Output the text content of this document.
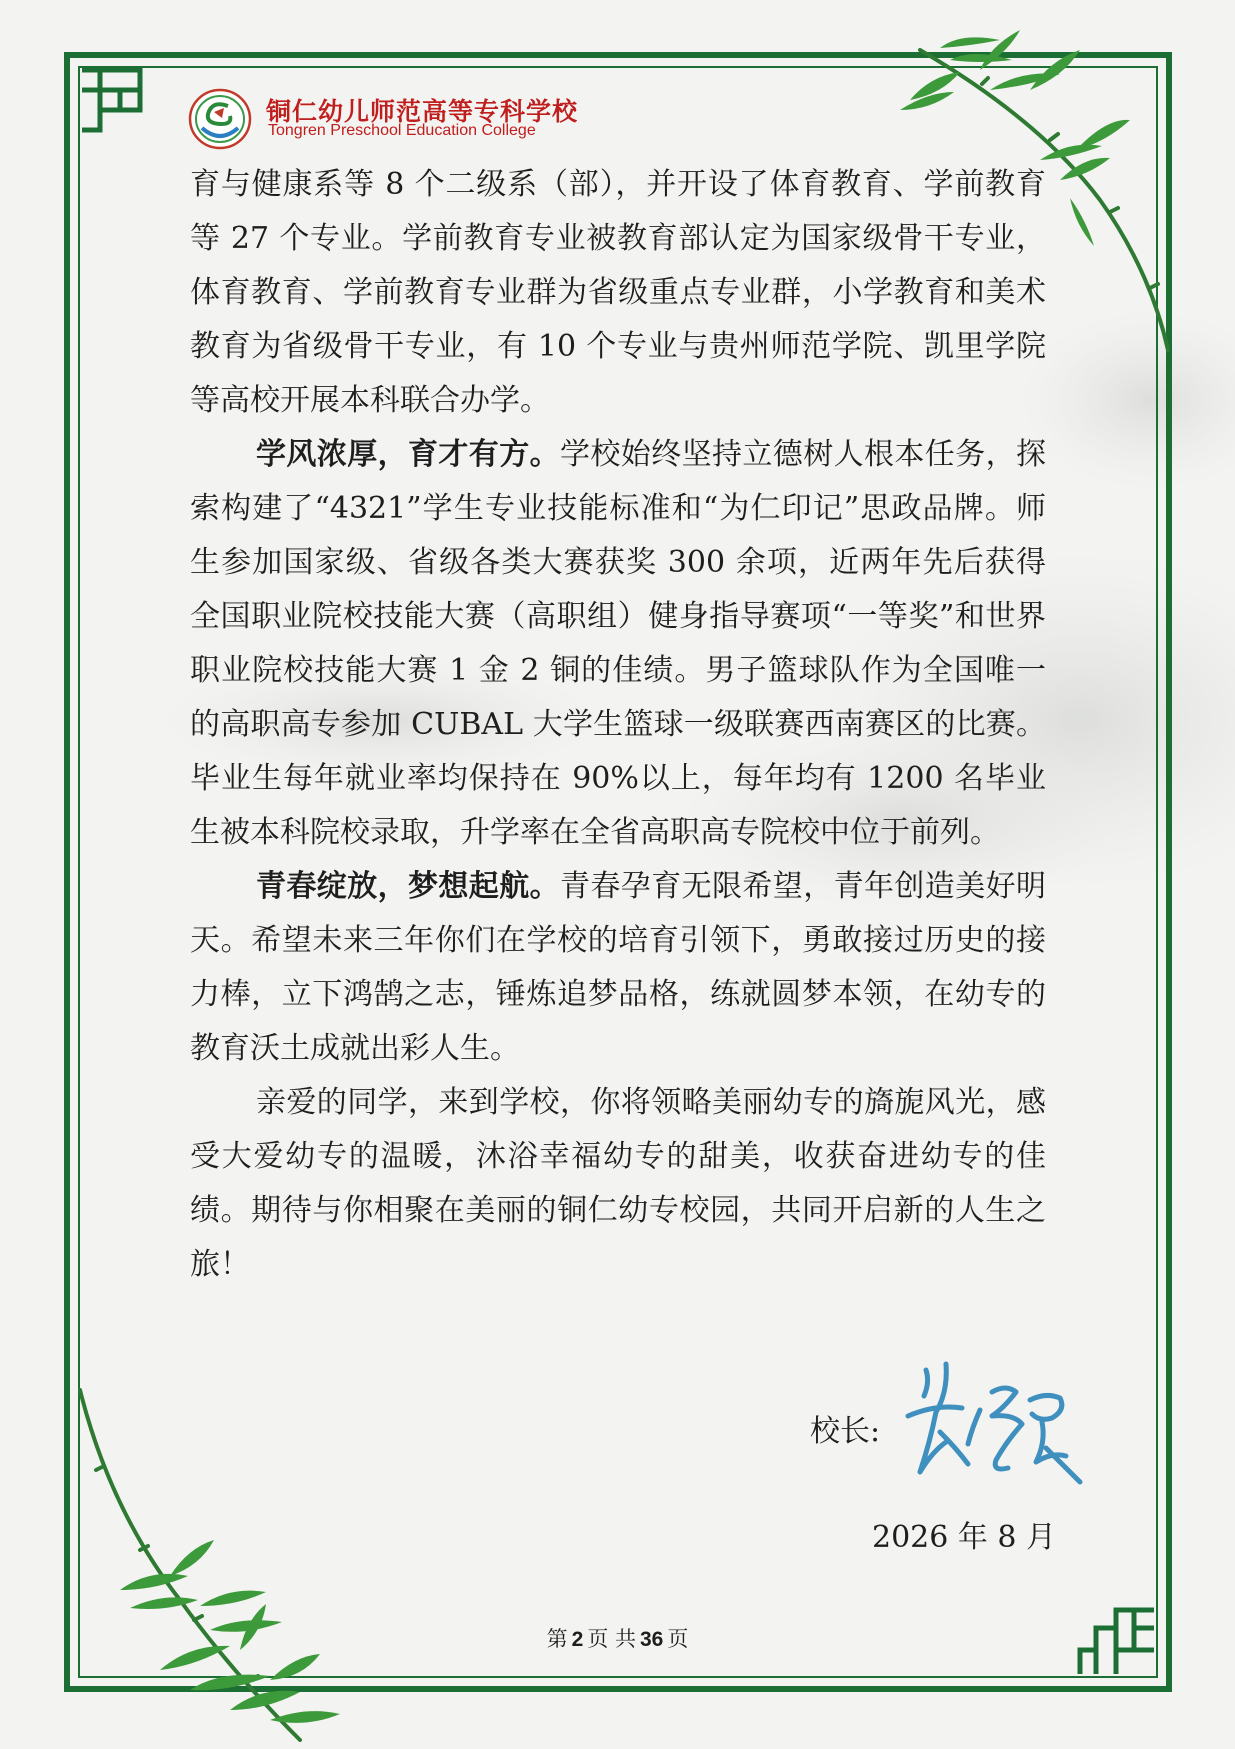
铜仁幼儿师范高等专科学校
Tongren Preschool Education College

育与健康系等 8 个二级系（部），并开设了体育教育、学前教育等 27 个专业。学前教育专业被教育部认定为国家级骨干专业，体育教育、学前教育专业群为省级重点专业群，小学教育和美术教育为省级骨干专业，有 10 个专业与贵州师范学院、凯里学院等高校开展本科联合办学。

学风浓厚，育才有方。学校始终坚持立德树人根本任务，探索构建了“4321”学生专业技能标准和“为仁印记”思政品牌。师生参加国家级、省级各类大赛获奖 300 余项，近两年先后获得全国职业院校技能大赛（高职组）健身指导赛项“一等奖”和世界职业院校技能大赛 1 金 2 铜的佳绩。男子篮球队作为全国唯一的高职高专参加 CUBAL 大学生篮球一级联赛西南赛区的比赛。毕业生每年就业率均保持在 90%以上，每年均有 1200 名毕业生被本科院校录取，升学率在全省高职高专院校中位于前列。

青春绽放，梦想起航。青春孕育无限希望，青年创造美好明天。希望未来三年你们在学校的培育引领下，勇敢接过历史的接力棒，立下鸿鹄之志，锤炼追梦品格，练就圆梦本领，在幼专的教育沃土成就出彩人生。

亲爱的同学，来到学校，你将领略美丽幼专的旖旎风光，感受大爱幼专的温暖，沐浴幸福幼专的甜美，收获奋进幼专的佳绩。期待与你相聚在美丽的铜仁幼专校园，共同开启新的人生之旅！

校长:
2026 年 8 月
第 2 页 共 36 页
